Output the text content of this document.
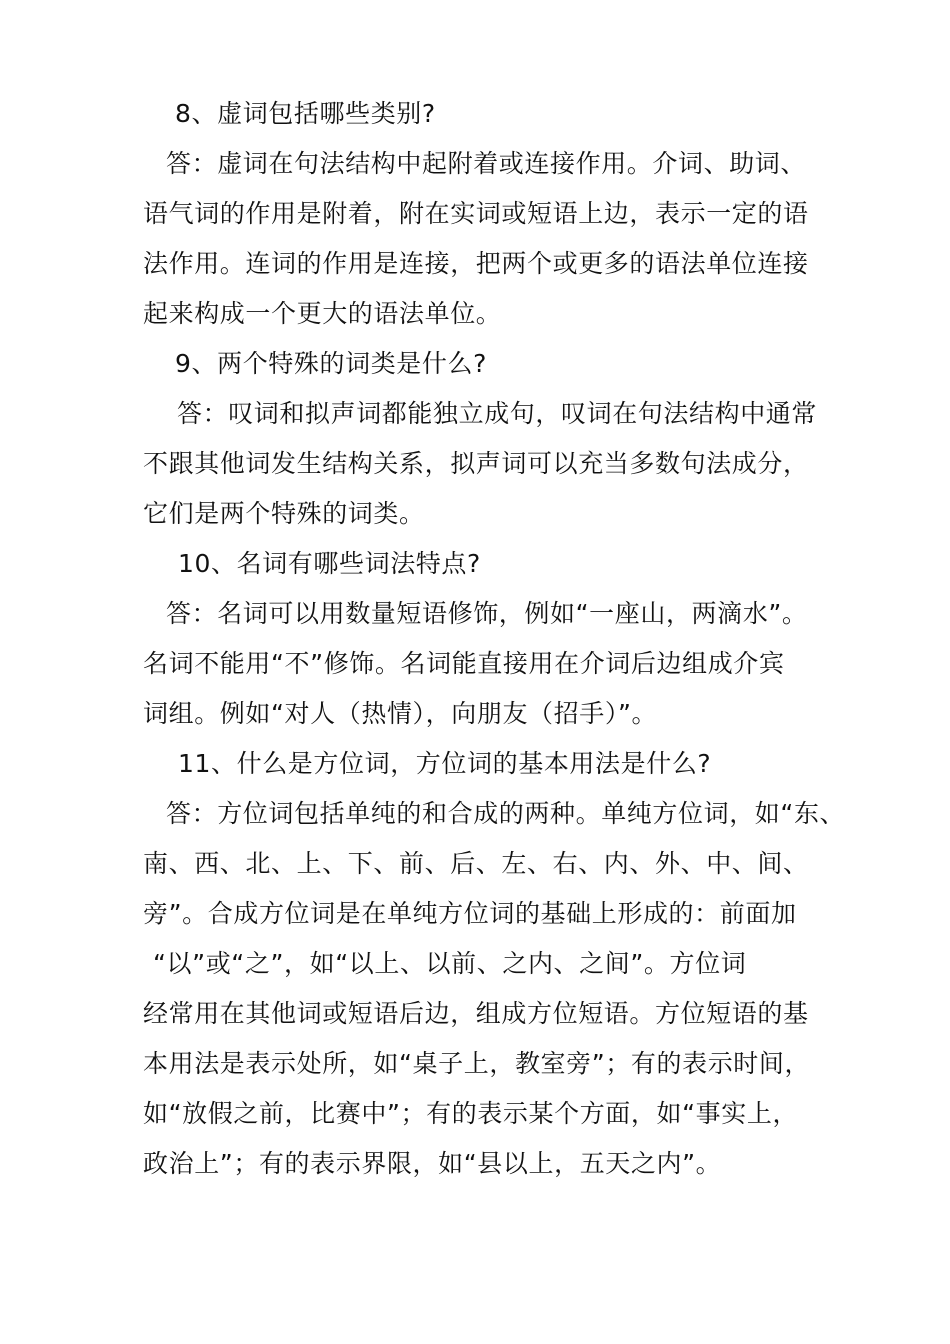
8、虚词包括哪些类别?
答：虚词在句法结构中起附着或连接作用。介词、助词、
语气词的作用是附着，附在实词或短语上边，表示一定的语
法作用。连词的作用是连接，把两个或更多的语法单位连接
起来构成一个更大的语法单位。
9、两个特殊的词类是什么?
答：叹词和拟声词都能独立成句，叹词在句法结构中通常
不跟其他词发生结构关系，拟声词可以充当多数句法成分，
它们是两个特殊的词类。
10、名词有哪些词法特点?
答：名词可以用数量短语修饰，例如“一座山，两滴水”。
名词不能用“不”修饰。名词能直接用在介词后边组成介宾
词组。例如“对人（热情），向朋友（招手）”。
11、什么是方位词，方位词的基本用法是什么?
答：方位词包括单纯的和合成的两种。单纯方位词，如“东、
南、西、北、上、下、前、后、左、右、内、外、中、间、
旁”。合成方位词是在单纯方位词的基础上形成的：前面加
“以”或“之”，如“以上、以前、之内、之间”。方位词
经常用在其他词或短语后边，组成方位短语。方位短语的基
本用法是表示处所，如“桌子上，教室旁”；有的表示时间，
如“放假之前，比赛中”；有的表示某个方面，如“事实上，
政治上”；有的表示界限，如“县以上，五天之内”。
